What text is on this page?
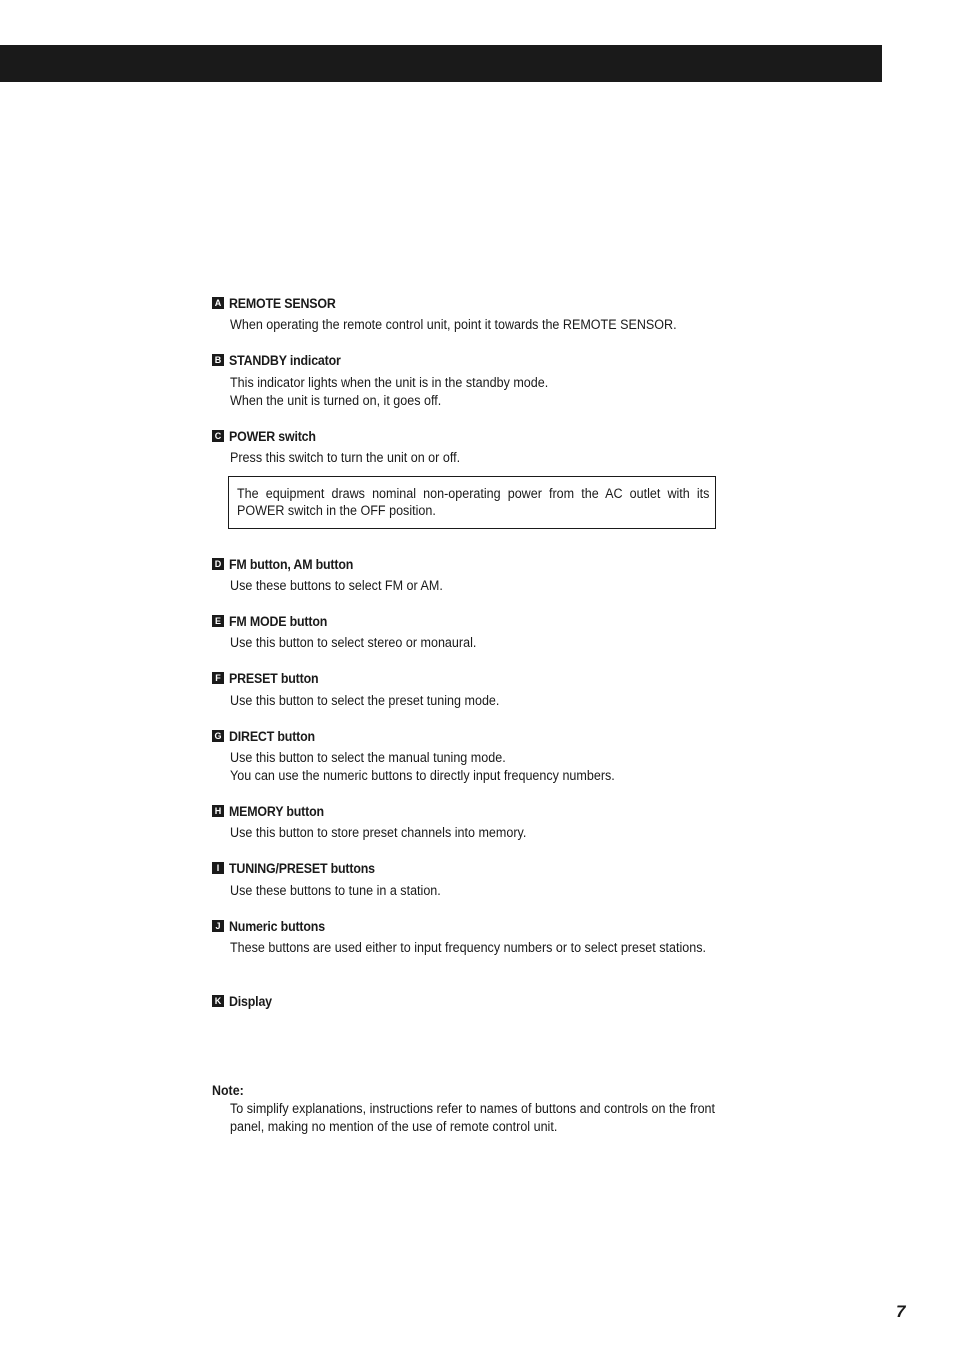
A REMOTE SENSOR

When operating the remote control unit, point it towards the REMOTE SENSOR.

B STANDBY indicator

This indicator lights when the unit is in the standby mode.

When the unit is turned on, it goes off.

C POWER switch

Press this switch to turn the unit on or off.

D FM button, AM button

Use these buttons to select FM or AM.

E FM MODE button

Use this button to select stereo or monaural.

F PRESET button

Use this button to select the preset tuning mode.

G DIRECT button

Use this button to select the manual tuning mode.

You can use the numeric buttons to directly input frequency numbers.

H MEMORY button

Use this button to store preset channels into memory.

I TUNING/PRESET buttons

Use these buttons to tune in a station.

J Numeric buttons

These buttons are used either to input frequency numbers or to select preset stations.

K Display
The equipment draws nominal non-operating power from the AC outlet with its POWER switch in the OFF position.
Note:
To simplify explanations, instructions refer to names of buttons and controls on the front panel, making no mention of the use of remote control unit.
7
